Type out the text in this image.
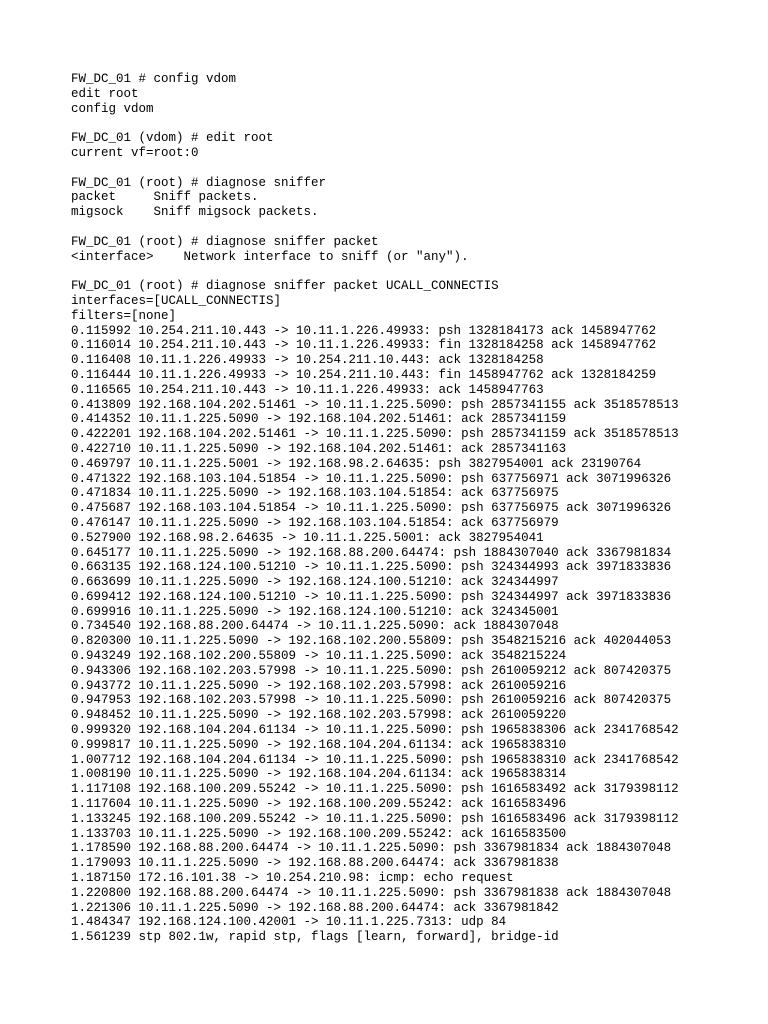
FW_DC_01 # config vdom
edit root
config vdom
FW_DC_01 (vdom) # edit root
current vf=root:0
FW_DC_01 (root) # diagnose sniffer
packet     Sniff packets.
migsock    Sniff migsock packets.
FW_DC_01 (root) # diagnose sniffer packet
<interface>    Network interface to sniff (or "any").
FW_DC_01 (root) # diagnose sniffer packet UCALL_CONNECTIS
interfaces=[UCALL_CONNECTIS]
filters=[none]
0.115992 10.254.211.10.443 -> 10.11.1.226.49933: psh 1328184173 ack 1458947762
0.116014 10.254.211.10.443 -> 10.11.1.226.49933: fin 1328184258 ack 1458947762
0.116408 10.11.1.226.49933 -> 10.254.211.10.443: ack 1328184258
0.116444 10.11.1.226.49933 -> 10.254.211.10.443: fin 1458947762 ack 1328184259
0.116565 10.254.211.10.443 -> 10.11.1.226.49933: ack 1458947763
0.413809 192.168.104.202.51461 -> 10.11.1.225.5090: psh 2857341155 ack 3518578513
0.414352 10.11.1.225.5090 -> 192.168.104.202.51461: ack 2857341159
0.422201 192.168.104.202.51461 -> 10.11.1.225.5090: psh 2857341159 ack 3518578513
0.422710 10.11.1.225.5090 -> 192.168.104.202.51461: ack 2857341163
0.469797 10.11.1.225.5001 -> 192.168.98.2.64635: psh 3827954001 ack 23190764
0.471322 192.168.103.104.51854 -> 10.11.1.225.5090: psh 637756971 ack 3071996326
0.471834 10.11.1.225.5090 -> 192.168.103.104.51854: ack 637756975
0.475687 192.168.103.104.51854 -> 10.11.1.225.5090: psh 637756975 ack 3071996326
0.476147 10.11.1.225.5090 -> 192.168.103.104.51854: ack 637756979
0.527900 192.168.98.2.64635 -> 10.11.1.225.5001: ack 3827954041
0.645177 10.11.1.225.5090 -> 192.168.88.200.64474: psh 1884307040 ack 3367981834
0.663135 192.168.124.100.51210 -> 10.11.1.225.5090: psh 324344993 ack 3971833836
0.663699 10.11.1.225.5090 -> 192.168.124.100.51210: ack 324344997
0.699412 192.168.124.100.51210 -> 10.11.1.225.5090: psh 324344997 ack 3971833836
0.699916 10.11.1.225.5090 -> 192.168.124.100.51210: ack 324345001
0.734540 192.168.88.200.64474 -> 10.11.1.225.5090: ack 1884307048
0.820300 10.11.1.225.5090 -> 192.168.102.200.55809: psh 3548215216 ack 402044053
0.943249 192.168.102.200.55809 -> 10.11.1.225.5090: ack 3548215224
0.943306 192.168.102.203.57998 -> 10.11.1.225.5090: psh 2610059212 ack 807420375
0.943772 10.11.1.225.5090 -> 192.168.102.203.57998: ack 2610059216
0.947953 192.168.102.203.57998 -> 10.11.1.225.5090: psh 2610059216 ack 807420375
0.948452 10.11.1.225.5090 -> 192.168.102.203.57998: ack 2610059220
0.999320 192.168.104.204.61134 -> 10.11.1.225.5090: psh 1965838306 ack 2341768542
0.999817 10.11.1.225.5090 -> 192.168.104.204.61134: ack 1965838310
1.007712 192.168.104.204.61134 -> 10.11.1.225.5090: psh 1965838310 ack 2341768542
1.008190 10.11.1.225.5090 -> 192.168.104.204.61134: ack 1965838314
1.117108 192.168.100.209.55242 -> 10.11.1.225.5090: psh 1616583492 ack 3179398112
1.117604 10.11.1.225.5090 -> 192.168.100.209.55242: ack 1616583496
1.133245 192.168.100.209.55242 -> 10.11.1.225.5090: psh 1616583496 ack 3179398112
1.133703 10.11.1.225.5090 -> 192.168.100.209.55242: ack 1616583500
1.178590 192.168.88.200.64474 -> 10.11.1.225.5090: psh 3367981834 ack 1884307048
1.179093 10.11.1.225.5090 -> 192.168.88.200.64474: ack 3367981838
1.187150 172.16.101.38 -> 10.254.210.98: icmp: echo request
1.220800 192.168.88.200.64474 -> 10.11.1.225.5090: psh 3367981838 ack 1884307048
1.221306 10.11.1.225.5090 -> 192.168.88.200.64474: ack 3367981842
1.484347 192.168.124.100.42001 -> 10.11.1.225.7313: udp 84
1.561239 stp 802.1w, rapid stp, flags [learn, forward], bridge-id
